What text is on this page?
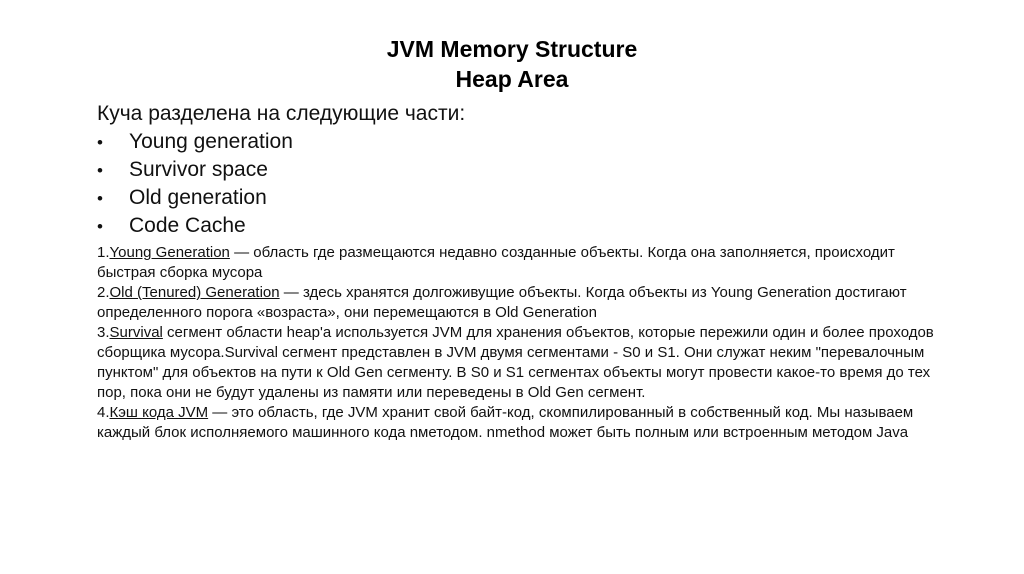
JVM Memory Structure
Heap Area

Куча разделена на следующие части:

•	Young generation
•	Survivor space
•	Old generation
•	Code Cache

1.Young Generation — область где размещаются недавно созданные объекты. Когда она заполняется, происходит быстрая сборка мусора

2.Old (Tenured) Generation — здесь хранятся долгоживущие объекты. Когда объекты из Young Generation достигают определенного порога «возраста», они перемещаются в Old Generation

3.Survival сегмент области heap'a используется JVM для хранения объектов, которые пережили один и более проходов сборщика мусора.Survival сегмент представлен в JVM двумя сегментами - S0 и S1. Они служат неким "перевалочным пунктом" для объектов на пути к Old Gen сегменту. В S0 и S1 сегментах объекты могут провести какое-то время до тех пор, пока они не будут удалены из памяти или переведены в Old Gen сегмент.

4.Кэш кода JVM — это область, где JVM хранит свой байт-код, скомпилированный в собственный код. Мы называем каждый блок исполняемого машинного кода nметодом. nmethod может быть полным или встроенным методом Java
